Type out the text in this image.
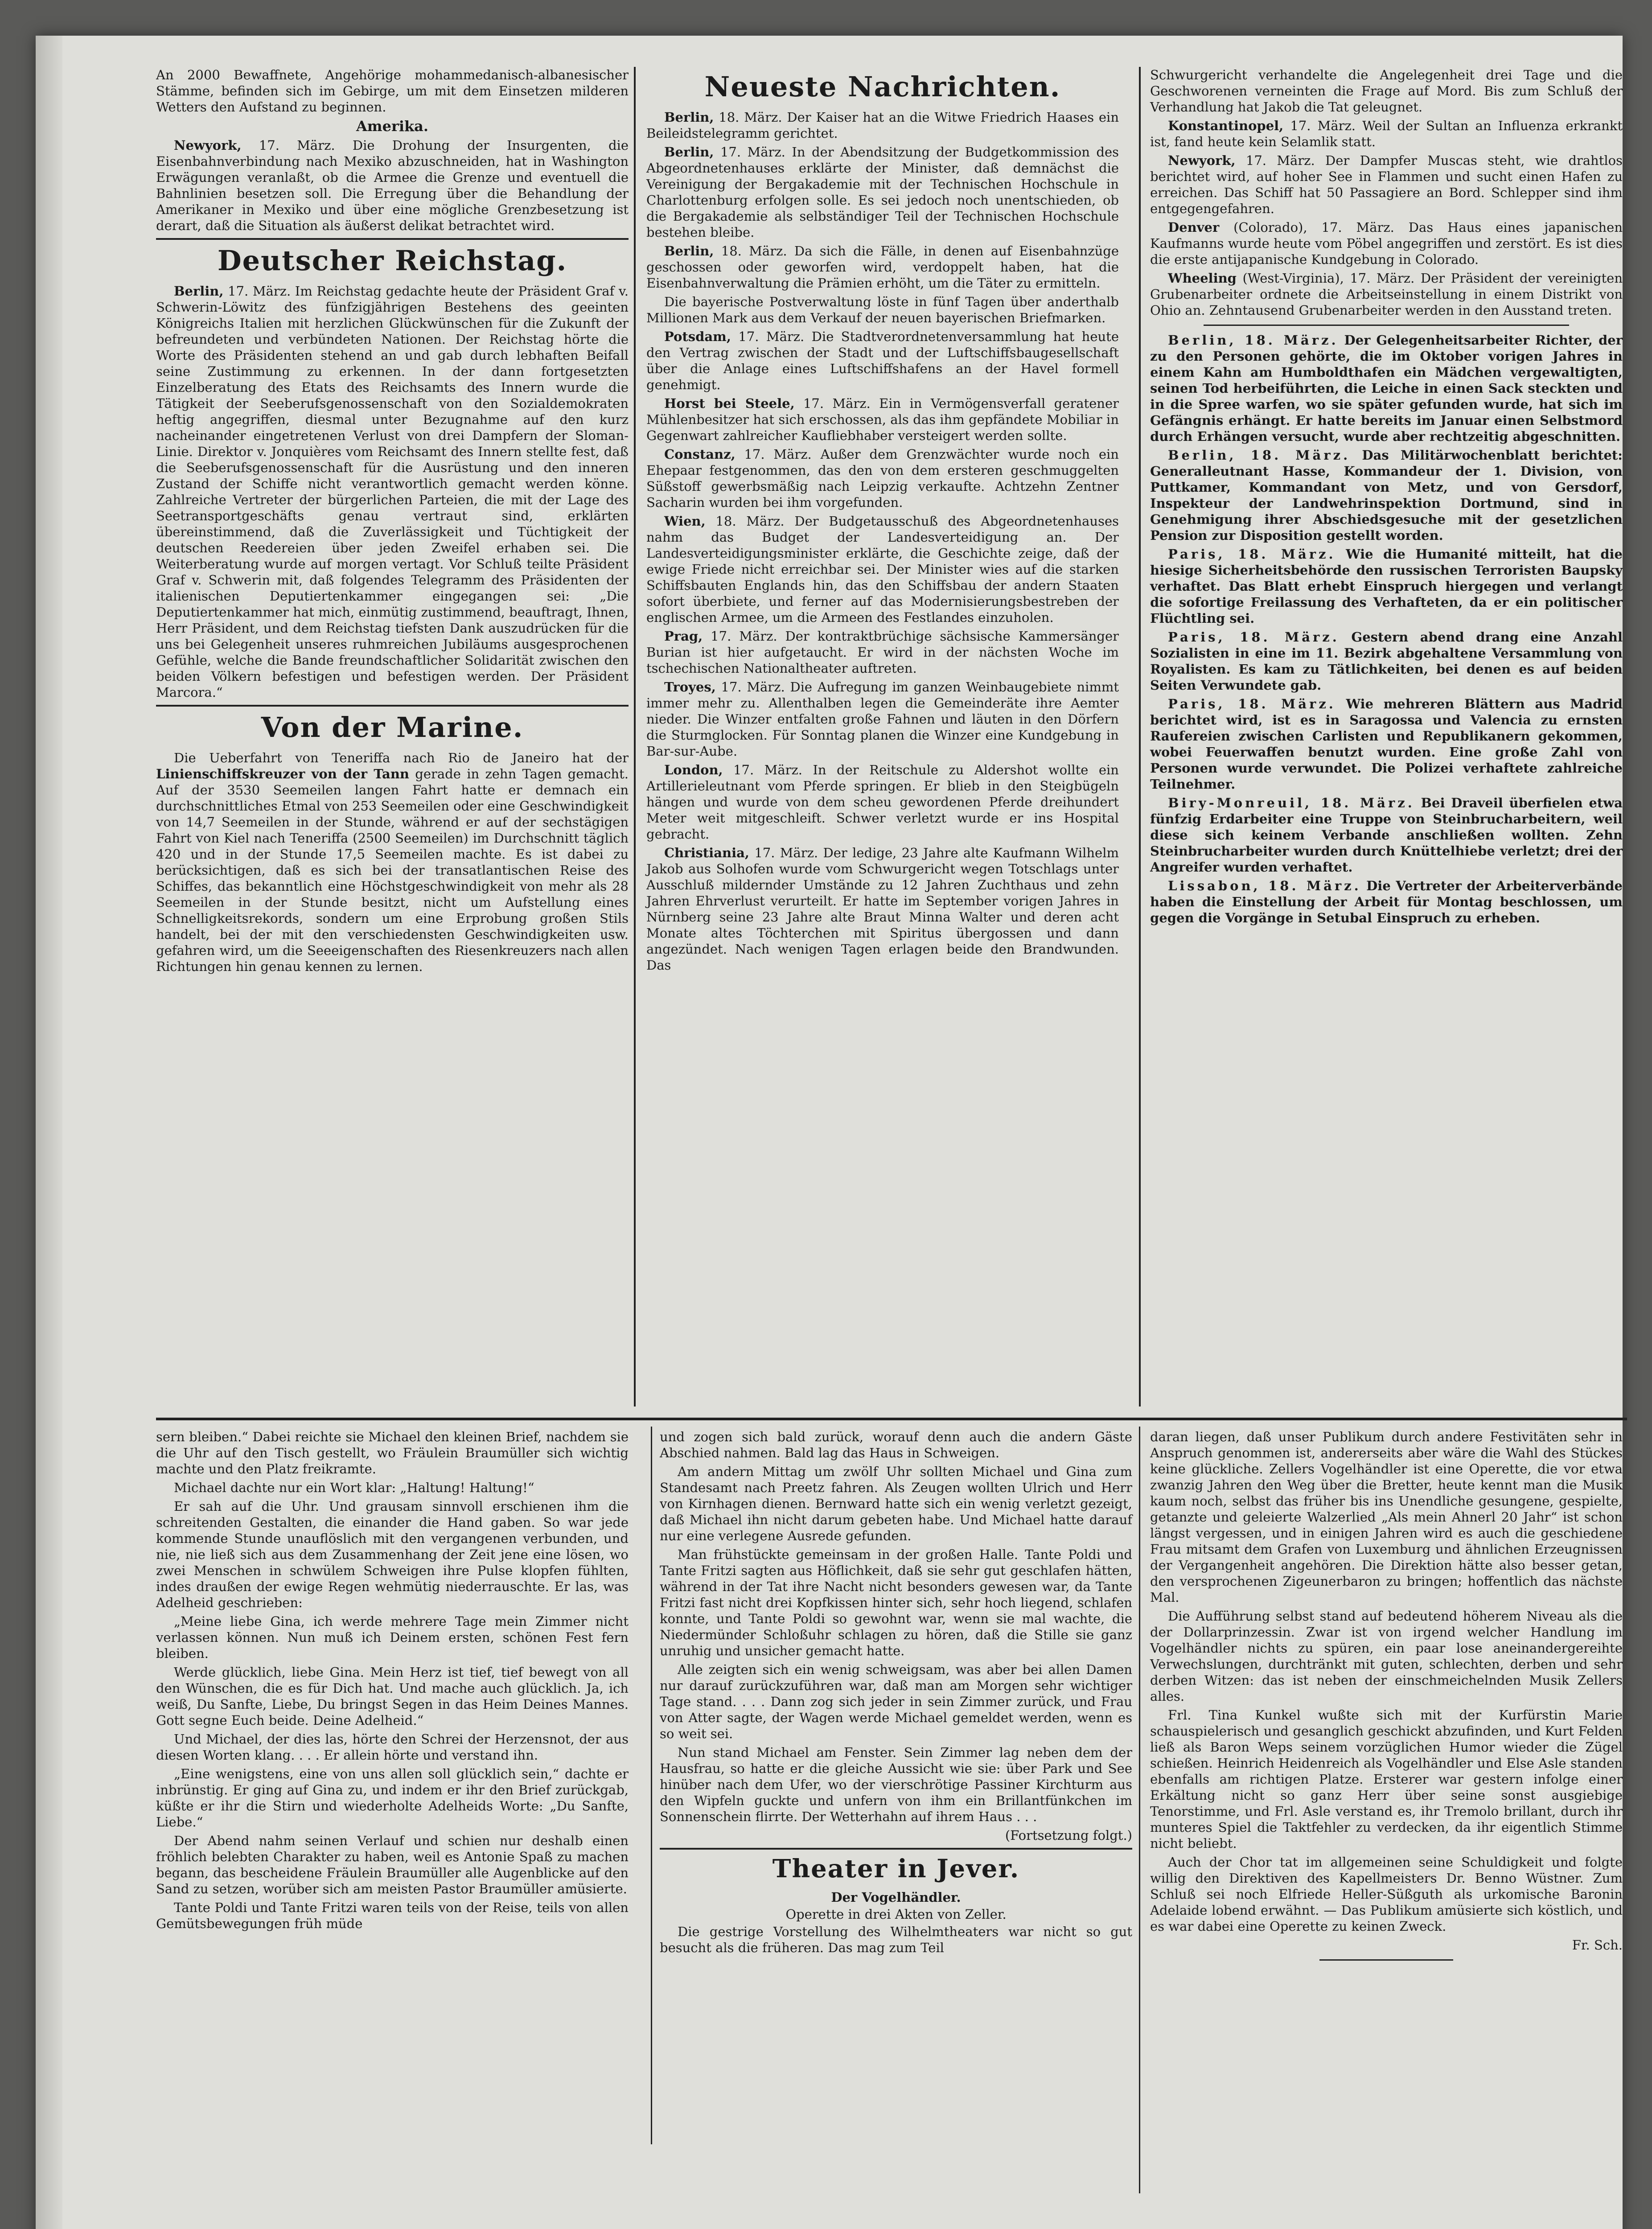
An 2000 Bewaffnete, Angehörige mohammedanisch-albanesischer Stämme, befinden sich im Gebirge, um mit dem Einsetzen milderen Wetters den Aufstand zu beginnen.

Amerika.

Newyork, 17. März. Die Drohung der Insurgenten, die Eisenbahnverbindung nach Mexiko abzuschneiden, hat in Washington Erwägungen veranlaßt, ob die Armee die Grenze und eventuell die Bahnlinien besetzen soll. Die Erregung über die Behandlung der Amerikaner in Mexiko und über eine mögliche Grenzbesetzung ist derart, daß die Situation als äußerst delikat betrachtet wird.

Deutscher Reichstag.

Berlin, 17. März. Im Reichstag gedachte heute der Präsident Graf v. Schwerin-Löwitz des fünfzigjährigen Bestehens des geeinten Königreichs Italien mit herzlichen Glückwünschen für die Zukunft der befreundeten und verbündeten Nationen. Der Reichstag hörte die Worte des Präsidenten stehend an und gab durch lebhaften Beifall seine Zustimmung zu erkennen. In der dann fortgesetzten Einzelberatung des Etats des Reichsamts des Innern wurde die Tätigkeit der Seeberufsgenossenschaft von den Sozialdemokraten heftig angegriffen, diesmal unter Bezugnahme auf den kurz nacheinander eingetretenen Verlust von drei Dampfern der Sloman-Linie. Direktor v. Jonquières vom Reichsamt des Innern stellte fest, daß die Seeberufsgenossenschaft für die Ausrüstung und den inneren Zustand der Schiffe nicht verantwortlich gemacht werden könne. Zahlreiche Vertreter der bürgerlichen Parteien, die mit der Lage des Seetransportgeschäfts genau vertraut sind, erklärten übereinstimmend, daß die Zuverlässigkeit und Tüchtigkeit der deutschen Reedereien über jeden Zweifel erhaben sei. Die Weiterberatung wurde auf morgen vertagt. Vor Schluß teilte Präsident Graf v. Schwerin mit, daß folgendes Telegramm des Präsidenten der italienischen Deputiertenkammer eingegangen sei: „Die Deputiertenkammer hat mich, einmütig zustimmend, beauftragt, Ihnen, Herr Präsident, und dem Reichstag tiefsten Dank auszudrücken für die uns bei Gelegenheit unseres ruhmreichen Jubiläums ausgesprochenen Gefühle, welche die Bande freundschaftlicher Solidarität zwischen den beiden Völkern befestigen und befestigen werden. Der Präsident Marcora.“

Von der Marine.

Die Ueberfahrt von Teneriffa nach Rio de Janeiro hat der Linienschiffskreuzer von der Tann gerade in zehn Tagen gemacht. Auf der 3530 Seemeilen langen Fahrt hatte er demnach ein durchschnittliches Etmal von 253 Seemeilen oder eine Geschwindigkeit von 14,7 Seemeilen in der Stunde, während er auf der sechstägigen Fahrt von Kiel nach Teneriffa (2500 Seemeilen) im Durchschnitt täglich 420 und in der Stunde 17,5 Seemeilen machte. Es ist dabei zu berücksichtigen, daß es sich bei der transatlantischen Reise des Schiffes, das bekanntlich eine Höchstgeschwindigkeit von mehr als 28 Seemeilen in der Stunde besitzt, nicht um Aufstellung eines Schnelligkeitsrekords, sondern um eine Erprobung großen Stils handelt, bei der mit den verschiedensten Geschwindigkeiten usw. gefahren wird, um die Seeeigenschaften des Riesenkreuzers nach allen Richtungen hin genau kennen zu lernen.

Neueste Nachrichten.

Berlin, 18. März. Der Kaiser hat an die Witwe Friedrich Haases ein Beileidstelegramm gerichtet.

Berlin, 17. März. In der Abendsitzung der Budgetkommission des Abgeordnetenhauses erklärte der Minister, daß demnächst die Vereinigung der Bergakademie mit der Technischen Hochschule in Charlottenburg erfolgen solle. Es sei jedoch noch unentschieden, ob die Bergakademie als selbständiger Teil der Technischen Hochschule bestehen bleibe.

Berlin, 18. März. Da sich die Fälle, in denen auf Eisenbahnzüge geschossen oder geworfen wird, verdoppelt haben, hat die Eisenbahnverwaltung die Prämien erhöht, um die Täter zu ermitteln.

Die bayerische Postverwaltung löste in fünf Tagen über anderthalb Millionen Mark aus dem Verkauf der neuen bayerischen Briefmarken.

Potsdam, 17. März. Die Stadtverordnetenversammlung hat heute den Vertrag zwischen der Stadt und der Luftschiffsbaugesellschaft über die Anlage eines Luftschiffshafens an der Havel formell genehmigt.

Horst bei Steele, 17. März. Ein in Vermögensverfall geratener Mühlenbesitzer hat sich erschossen, als das ihm gepfändete Mobiliar in Gegenwart zahlreicher Kaufliebhaber versteigert werden sollte.

Constanz, 17. März. Außer dem Grenzwächter wurde noch ein Ehepaar festgenommen, das den von dem ersteren geschmuggelten Süßstoff gewerbsmäßig nach Leipzig verkaufte. Achtzehn Zentner Sacharin wurden bei ihm vorgefunden.

Wien, 18. März. Der Budgetausschuß des Abgeordnetenhauses nahm das Budget der Landesverteidigung an. Der Landesverteidigungsminister erklärte, die Geschichte zeige, daß der ewige Friede nicht erreichbar sei. Der Minister wies auf die starken Schiffsbauten Englands hin, das den Schiffsbau der andern Staaten sofort überbiete, und ferner auf das Modernisierungsbestreben der englischen Armee, um die Armeen des Festlandes einzuholen.

Prag, 17. März. Der kontraktbrüchige sächsische Kammersänger Burian ist hier aufgetaucht. Er wird in der nächsten Woche im tschechischen Nationaltheater auftreten.

Troyes, 17. März. Die Aufregung im ganzen Weinbaugebiete nimmt immer mehr zu. Allenthalben legen die Gemeinderäte ihre Aemter nieder. Die Winzer entfalten große Fahnen und läuten in den Dörfern die Sturmglocken. Für Sonntag planen die Winzer eine Kundgebung in Bar-sur-Aube.

London, 17. März. In der Reitschule zu Aldershot wollte ein Artillerieleutnant vom Pferde springen. Er blieb in den Steigbügeln hängen und wurde von dem scheu gewordenen Pferde dreihundert Meter weit mitgeschleift. Schwer verletzt wurde er ins Hospital gebracht.

Christiania, 17. März. Der ledige, 23 Jahre alte Kaufmann Wilhelm Jakob aus Solhofen wurde vom Schwurgericht wegen Totschlags unter Ausschluß mildernder Umstände zu 12 Jahren Zuchthaus und zehn Jahren Ehrverlust verurteilt. Er hatte im September vorigen Jahres in Nürnberg seine 23 Jahre alte Braut Minna Walter und deren acht Monate altes Töchterchen mit Spiritus übergossen und dann angezündet. Nach wenigen Tagen erlagen beide den Brandwunden. Das

Schwurgericht verhandelte die Angelegenheit drei Tage und die Geschworenen verneinten die Frage auf Mord. Bis zum Schluß der Verhandlung hat Jakob die Tat geleugnet.

Konstantinopel, 17. März. Weil der Sultan an Influenza erkrankt ist, fand heute kein Selamlik statt.

Newyork, 17. März. Der Dampfer Muscas steht, wie drahtlos berichtet wird, auf hoher See in Flammen und sucht einen Hafen zu erreichen. Das Schiff hat 50 Passagiere an Bord. Schlepper sind ihm entgegengefahren.

Denver (Colorado), 17. März. Das Haus eines japanischen Kaufmanns wurde heute vom Pöbel angegriffen und zerstört. Es ist dies die erste antijapanische Kundgebung in Colorado.

Wheeling (West-Virginia), 17. März. Der Präsident der vereinigten Grubenarbeiter ordnete die Arbeitseinstellung in einem Distrikt von Ohio an. Zehntausend Grubenarbeiter werden in den Ausstand treten.

Berlin, 18. März. Der Gelegenheitsarbeiter Richter, der zu den Personen gehörte, die im Oktober vorigen Jahres in einem Kahn am Humboldthafen ein Mädchen vergewaltigten, seinen Tod herbeiführten, die Leiche in einen Sack steckten und in die Spree warfen, wo sie später gefunden wurde, hat sich im Gefängnis erhängt. Er hatte bereits im Januar einen Selbstmord durch Erhängen versucht, wurde aber rechtzeitig abgeschnitten.

Berlin, 18. März. Das Militärwochenblatt berichtet: Generalleutnant Hasse, Kommandeur der 1. Division, von Puttkamer, Kommandant von Metz, und von Gersdorf, Inspekteur der Landwehrinspektion Dortmund, sind in Genehmigung ihrer Abschiedsgesuche mit der gesetzlichen Pension zur Disposition gestellt worden.

Paris, 18. März. Wie die Humanité mitteilt, hat die hiesige Sicherheitsbehörde den russischen Terroristen Baupsky verhaftet. Das Blatt erhebt Einspruch hiergegen und verlangt die sofortige Freilassung des Verhafteten, da er ein politischer Flüchtling sei.

Paris, 18. März. Gestern abend drang eine Anzahl Sozialisten in eine im 11. Bezirk abgehaltene Versammlung von Royalisten. Es kam zu Tätlichkeiten, bei denen es auf beiden Seiten Verwundete gab.

Paris, 18. März. Wie mehreren Blättern aus Madrid berichtet wird, ist es in Saragossa und Valencia zu ernsten Raufereien zwischen Carlisten und Republikanern gekommen, wobei Feuerwaffen benutzt wurden. Eine große Zahl von Personen wurde verwundet. Die Polizei verhaftete zahlreiche Teilnehmer.

Biry-Monreuil, 18. März. Bei Draveil überfielen etwa fünfzig Erdarbeiter eine Truppe von Steinbrucharbeitern, weil diese sich keinem Verbande anschließen wollten. Zehn Steinbrucharbeiter wurden durch Knüttelhiebe verletzt; drei der Angreifer wurden verhaftet.

Lissabon, 18. März. Die Vertreter der Arbeiterverbände haben die Einstellung der Arbeit für Montag beschlossen, um gegen die Vorgänge in Setubal Einspruch zu erheben.

sern bleiben.“ Dabei reichte sie Michael den kleinen Brief, nachdem sie die Uhr auf den Tisch gestellt, wo Fräulein Braumüller sich wichtig machte und den Platz freikramte.

Michael dachte nur ein Wort klar: „Haltung! Haltung!“

Er sah auf die Uhr. Und grausam sinnvoll erschienen ihm die schreitenden Gestalten, die einander die Hand gaben. So war jede kommende Stunde unauflöslich mit den vergangenen verbunden, und nie, nie ließ sich aus dem Zusammenhang der Zeit jene eine lösen, wo zwei Menschen in schwülem Schweigen ihre Pulse klopfen fühlten, indes draußen der ewige Regen wehmütig niederrauschte. Er las, was Adelheid geschrieben:

„Meine liebe Gina, ich werde mehrere Tage mein Zimmer nicht verlassen können. Nun muß ich Deinem ersten, schönen Fest fern bleiben.

Werde glücklich, liebe Gina. Mein Herz ist tief, tief bewegt von all den Wünschen, die es für Dich hat. Und mache auch glücklich. Ja, ich weiß, Du Sanfte, Liebe, Du bringst Segen in das Heim Deines Mannes. Gott segne Euch beide. Deine Adelheid.“

Und Michael, der dies las, hörte den Schrei der Herzensnot, der aus diesen Worten klang. . . . Er allein hörte und verstand ihn.

„Eine wenigstens, eine von uns allen soll glücklich sein,“ dachte er inbrünstig. Er ging auf Gina zu, und indem er ihr den Brief zurückgab, küßte er ihr die Stirn und wiederholte Adelheids Worte: „Du Sanfte, Liebe.“

Der Abend nahm seinen Verlauf und schien nur deshalb einen fröhlich belebten Charakter zu haben, weil es Antonie Spaß zu machen begann, das bescheidene Fräulein Braumüller alle Augenblicke auf den Sand zu setzen, worüber sich am meisten Pastor Braumüller amüsierte.

Tante Poldi und Tante Fritzi waren teils von der Reise, teils von allen Gemütsbewegungen früh müde

und zogen sich bald zurück, worauf denn auch die andern Gäste Abschied nahmen. Bald lag das Haus in Schweigen.

Am andern Mittag um zwölf Uhr sollten Michael und Gina zum Standesamt nach Preetz fahren. Als Zeugen wollten Ulrich und Herr von Kirnhagen dienen. Bernward hatte sich ein wenig verletzt gezeigt, daß Michael ihn nicht darum gebeten habe. Und Michael hatte darauf nur eine verlegene Ausrede gefunden.

Man frühstückte gemeinsam in der großen Halle. Tante Poldi und Tante Fritzi sagten aus Höflichkeit, daß sie sehr gut geschlafen hätten, während in der Tat ihre Nacht nicht besonders gewesen war, da Tante Fritzi fast nicht drei Kopfkissen hinter sich, sehr hoch liegend, schlafen konnte, und Tante Poldi so gewohnt war, wenn sie mal wachte, die Niedermünder Schloßuhr schlagen zu hören, daß die Stille sie ganz unruhig und unsicher gemacht hatte.

Alle zeigten sich ein wenig schweigsam, was aber bei allen Damen nur darauf zurückzuführen war, daß man am Morgen sehr wichtiger Tage stand. . . . Dann zog sich jeder in sein Zimmer zurück, und Frau von Atter sagte, der Wagen werde Michael gemeldet werden, wenn es so weit sei.

Nun stand Michael am Fenster. Sein Zimmer lag neben dem der Hausfrau, so hatte er die gleiche Aussicht wie sie: über Park und See hinüber nach dem Ufer, wo der vierschrötige Passiner Kirchturm aus den Wipfeln guckte und unfern von ihm ein Brillantfünkchen im Sonnenschein flirrte. Der Wetterhahn auf ihrem Haus . . .

(Fortsetzung folgt.)

Theater in Jever.
Der Vogelhändler.
Operette in drei Akten von Zeller.

Die gestrige Vorstellung des Wilhelmtheaters war nicht so gut besucht als die früheren. Das mag zum Teil

daran liegen, daß unser Publikum durch andere Festivitäten sehr in Anspruch genommen ist, andererseits aber wäre die Wahl des Stückes keine glückliche. Zellers Vogelhändler ist eine Operette, die vor etwa zwanzig Jahren den Weg über die Bretter, heute kennt man die Musik kaum noch, selbst das früher bis ins Unendliche gesungene, gespielte, getanzte und geleierte Walzerlied „Als mein Ahnerl 20 Jahr“ ist schon längst vergessen, und in einigen Jahren wird es auch die geschiedene Frau mitsamt dem Grafen von Luxemburg und ähnlichen Erzeugnissen der Vergangenheit angehören. Die Direktion hätte also besser getan, den versprochenen Zigeunerbaron zu bringen; hoffentlich das nächste Mal.

Die Aufführung selbst stand auf bedeutend höherem Niveau als die der Dollarprinzessin. Zwar ist von irgend welcher Handlung im Vogelhändler nichts zu spüren, ein paar lose aneinandergereihte Verwechslungen, durchtränkt mit guten, schlechten, derben und sehr derben Witzen: das ist neben der einschmeichelnden Musik Zellers alles.

Frl. Tina Kunkel wußte sich mit der Kurfürstin Marie schauspielerisch und gesanglich geschickt abzufinden, und Kurt Felden ließ als Baron Weps seinem vorzüglichen Humor wieder die Zügel schießen. Heinrich Heidenreich als Vogelhändler und Else Asle standen ebenfalls am richtigen Platze. Ersterer war gestern infolge einer Erkältung nicht so ganz Herr über seine sonst ausgiebige Tenorstimme, und Frl. Asle verstand es, ihr Tremolo brillant, durch ihr munteres Spiel die Taktfehler zu verdecken, da ihr eigentlich Stimme nicht beliebt.

Auch der Chor tat im allgemeinen seine Schuldigkeit und folgte willig den Direktiven des Kapellmeisters Dr. Benno Wüstner. Zum Schluß sei noch Elfriede Heller-Süßguth als urkomische Baronin Adelaide lobend erwähnt. — Das Publikum amüsierte sich köstlich, und es war dabei eine Operette zu keinen Zweck.

Fr. Sch.
